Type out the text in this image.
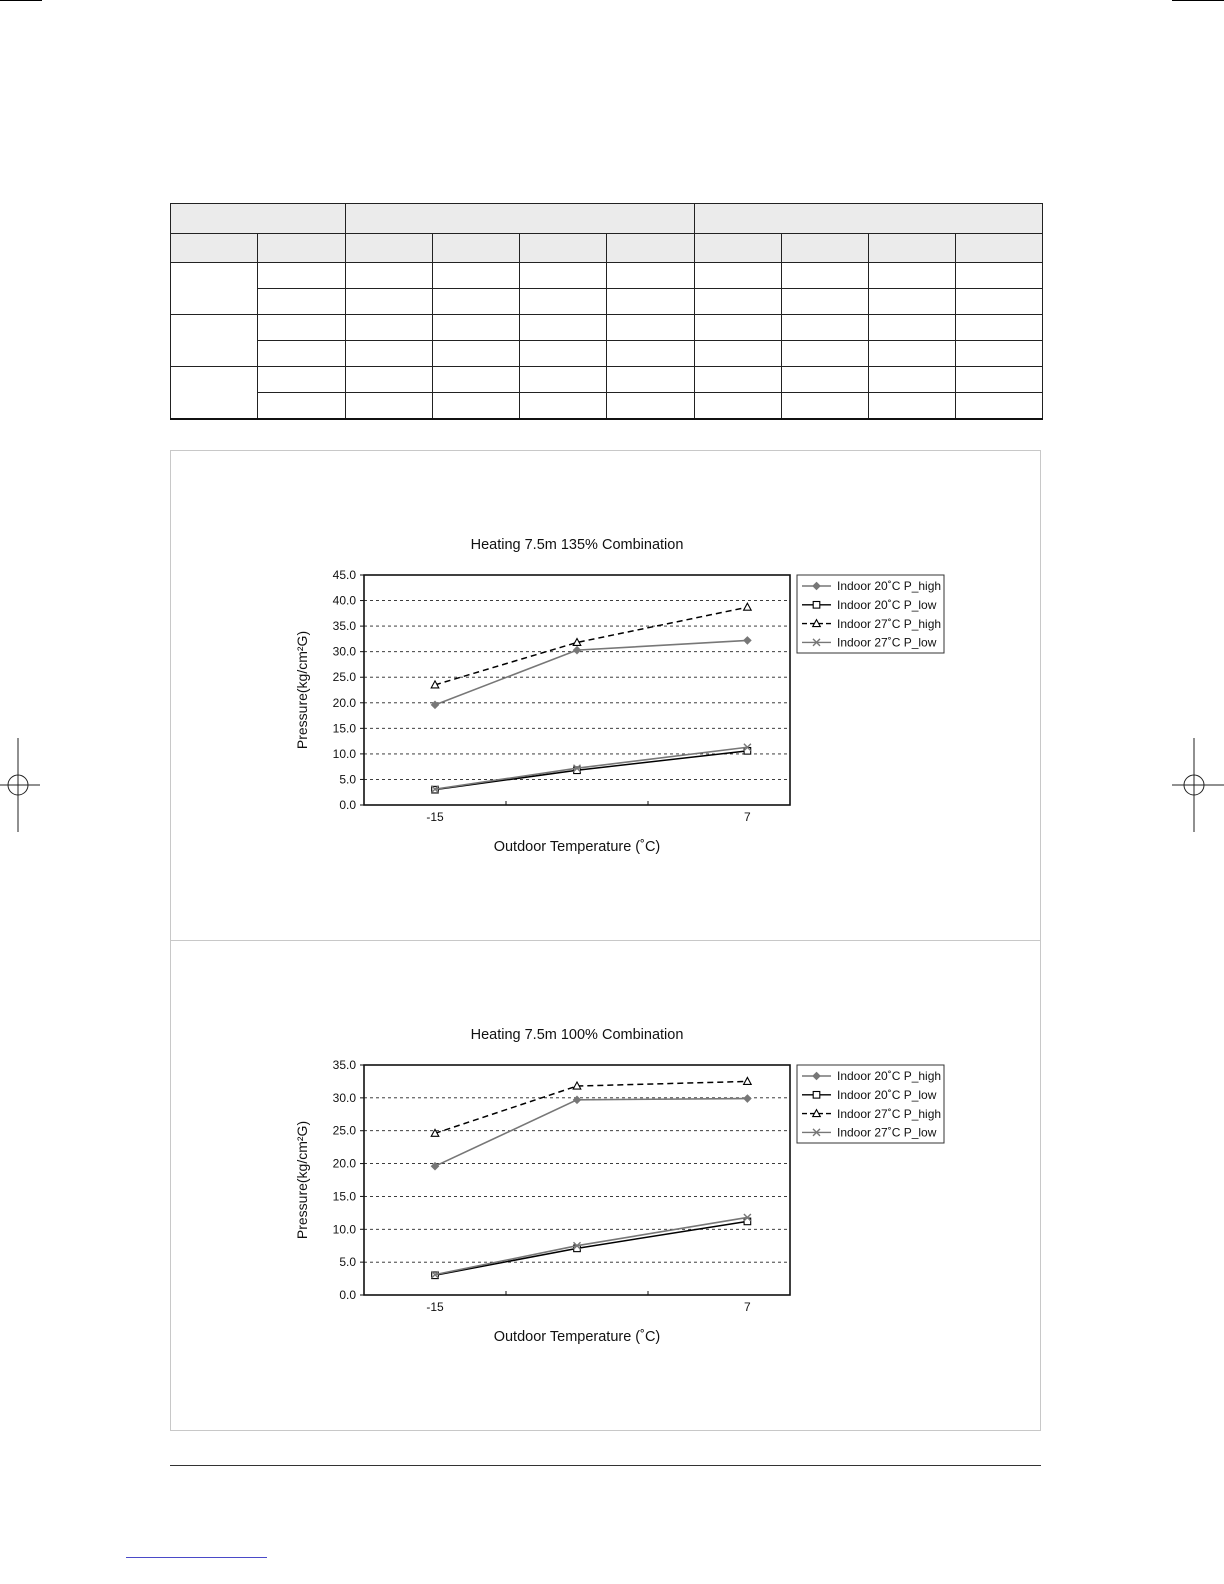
Heating 7.5m 135% Combination
0.0
5.0
10.0
15.0
20.0
25.0
30.0
35.0
40.0
45.0
-15	7
Outdoor Temperature (˚C)
Pressure(kg/cm²G)
Indoor 20˚C P_high
Indoor 20˚C P_low
Indoor 27˚C P_high
Indoor 27˚C P_low
Heating 7.5m 100% Combination
0.0
5.0
10.0
15.0
20.0
25.0
30.0
35.0
-15	7
Outdoor Temperature (˚C)
Pressure(kg/cm²G)
Indoor 20˚C P_high
Indoor 20˚C P_low
Indoor 27˚C P_high
Indoor 27˚C P_low
